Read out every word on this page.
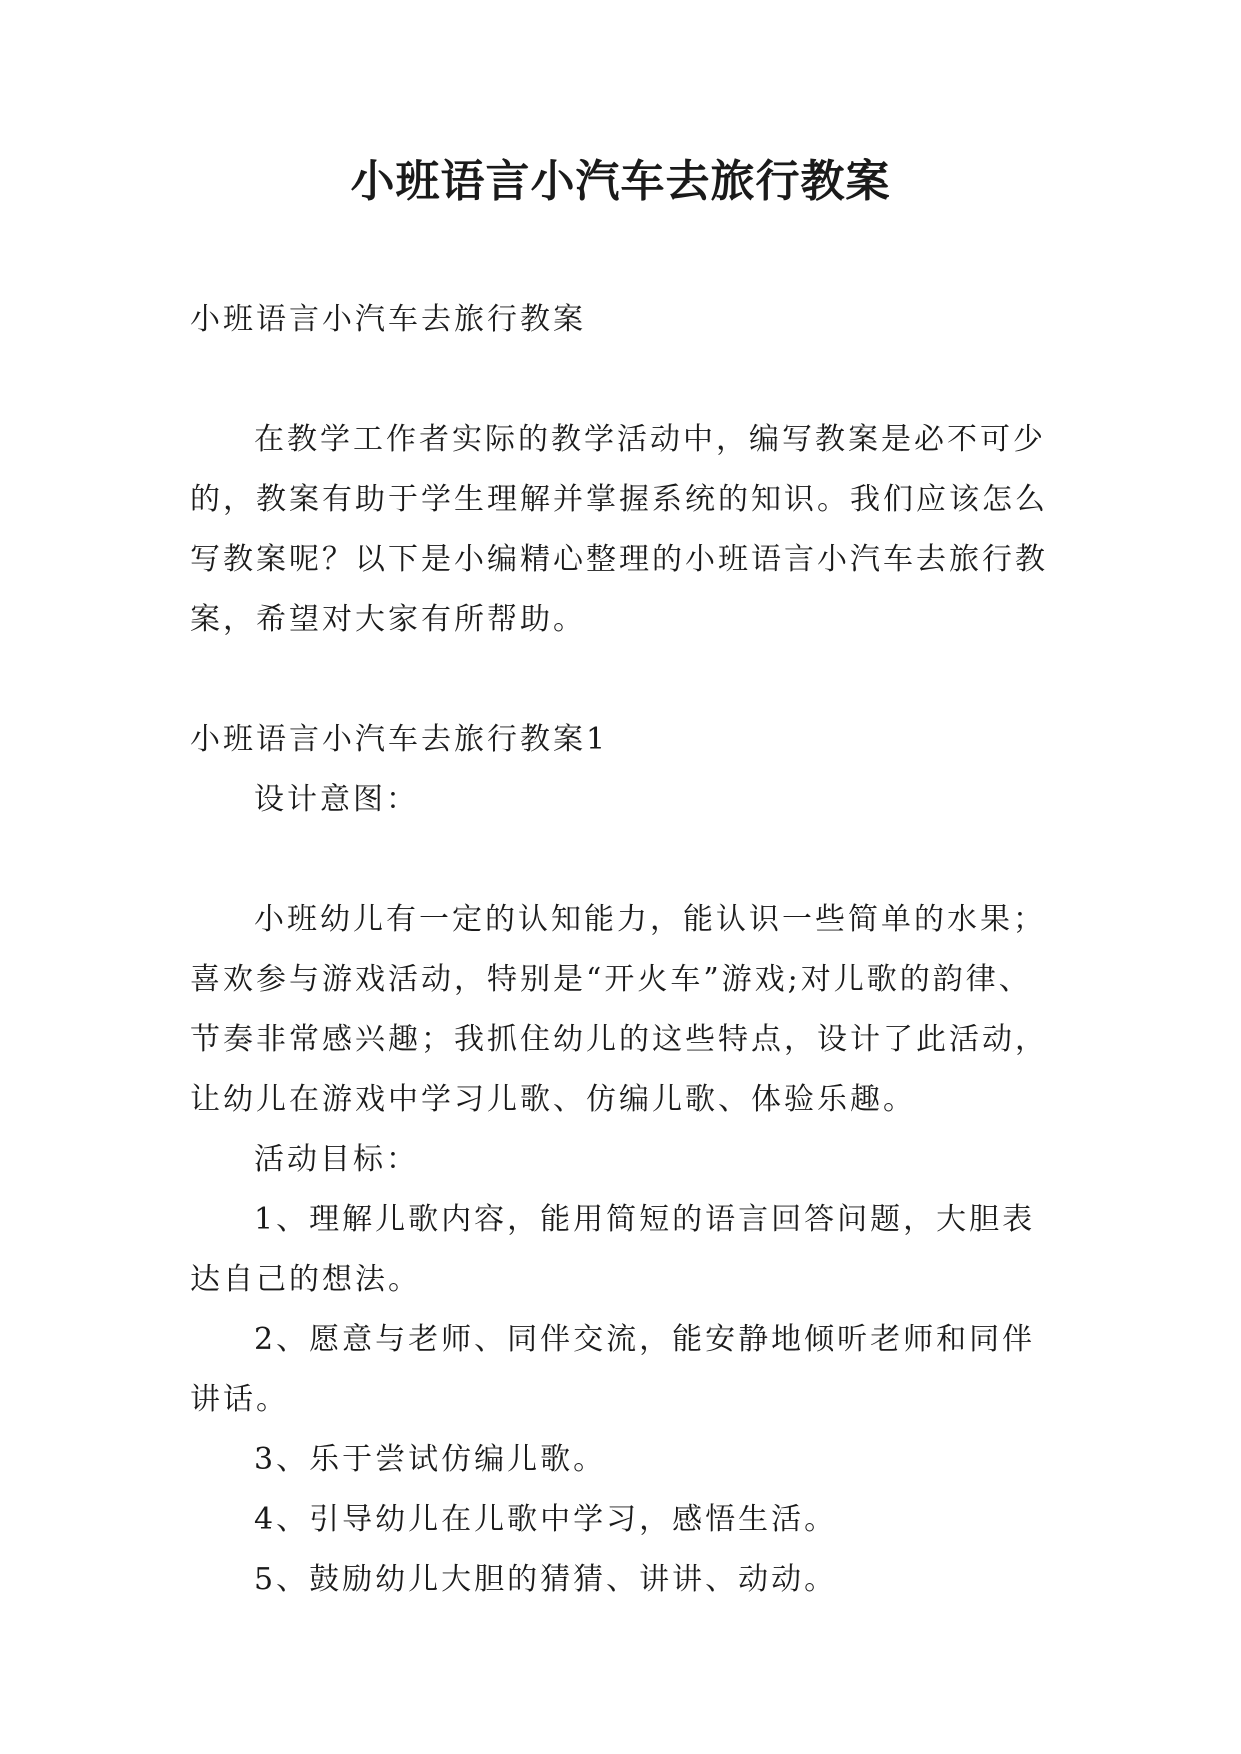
小班语言小汽车去旅行教案

小班语言小汽车去旅行教案

在教学工作者实际的教学活动中，编写教案是必不可少的，教案有助于学生理解并掌握系统的知识。我们应该怎么写教案呢？以下是小编精心整理的小班语言小汽车去旅行教案，希望对大家有所帮助。

小班语言小汽车去旅行教案1

设计意图：

小班幼儿有一定的认知能力，能认识一些简单的水果；喜欢参与游戏活动，特别是“开火车”游戏;对儿歌的韵律、节奏非常感兴趣；我抓住幼儿的这些特点，设计了此活动，让幼儿在游戏中学习儿歌、仿编儿歌、体验乐趣。

活动目标：

1、理解儿歌内容，能用简短的语言回答问题，大胆表达自己的想法。

2、愿意与老师、同伴交流，能安静地倾听老师和同伴讲话。

3、乐于尝试仿编儿歌。

4、引导幼儿在儿歌中学习，感悟生活。

5、鼓励幼儿大胆的猜猜、讲讲、动动。
